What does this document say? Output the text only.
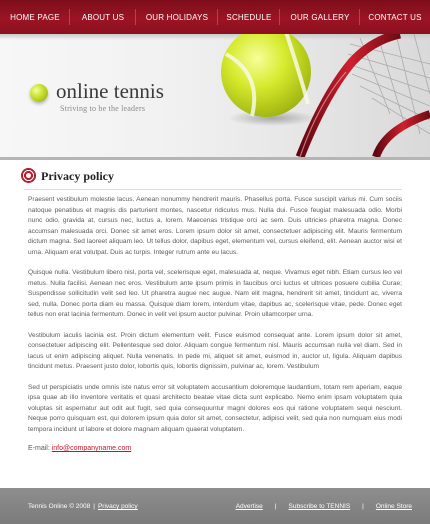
HOME PAGE	ABOUT US	OUR HOLIDAYS	SCHEDULE	OUR GALLERY	CONTACT US
online tennis
Striving to be the leaders
Privacy policy

Praesent vestibulum molestie lacus. Aenean nonummy hendrerit mauris. Phasellus porta. Fusce suscipit varius mi. Cum sociis natoque penatibus et magnis dis parturient montes, nascetur ridiculus mus. Nulla dui. Fusce feugiat malesuada odio. Morbi nunc odio, gravida at, cursus nec, luctus a, lorem. Maecenas tristique orci ac sem. Duis ultricies pharetra magna. Donec accumsan malesuada orci. Donec sit amet eros. Lorem ipsum dolor sit amet, consectetuer adipiscing elit. Mauris fermentum dictum magna. Sed laoreet aliquam leo. Ut tellus dolor, dapibus eget, elementum vel, cursus eleifend, elit. Aenean auctor wisi et urna. Aliquam erat volutpat. Duis ac turpis. Integer rutrum ante eu lacus.

Quisque nulla. Vestibulum libero nisl, porta vel, scelerisque eget, malesuada at, neque. Vivamus eget nibh. Etiam cursus leo vel metus. Nulla facilisi. Aenean nec eros. Vestibulum ante ipsum primis in faucibus orci luctus et ultrices posuere cubilia Curae; Suspendisse sollicitudin velit sed leo. Ut pharetra augue nec augue. Nam elit magna, hendrerit sit amet, tincidunt ac, viverra sed, nulla. Donec porta diam eu massa. Quisque diam lorem, interdum vitae, dapibus ac, scelerisque vitae, pede. Donec eget tellus non erat lacinia fermentum. Donec in velit vel ipsum auctor pulvinar. Proin ullamcorper urna.

Vestibulum iaculis lacinia est. Proin dictum elementum velit. Fusce euismod consequat ante. Lorem ipsum dolor sit amet, consectetuer adipiscing elit. Pellentesque sed dolor. Aliquam congue fermentum nisl. Mauris accumsan nulla vel diam. Sed in lacus ut enim adipiscing aliquet. Nulla venenatis. In pede mi, aliquet sit amet, euismod in, auctor ut, ligula. Aliquam dapibus tincidunt metus. Praesent justo dolor, lobortis quis, lobortis dignissim, pulvinar ac, lorem. Vestibulum

Sed ut perspiciatis unde omnis iste natus error sit voluptatem accusantium doloremque laudantium, totam rem aperiam, eaque ipsa quae ab illo inventore veritatis et quasi architecto beatae vitae dicta sunt explicabo. Nemo enim ipsam voluptatem quia voluptas sit aspernatur aut odit aut fugit, sed quia consequuntur magni dolores eos qui ratione voluptatem sequi nesciunt. Neque porro quisquam est, qui dolorem ipsum quia dolor sit amet, consectetur, adipisci velit, sed quia non numquam eius modi tempora incidunt ut labore et dolore magnam aliquam quaerat voluptatem.

E-mail: info@companyname.com
Tennis Online © 2008 | Privacy policy	Advertise | Subscribe to TENNIS | Online Store
